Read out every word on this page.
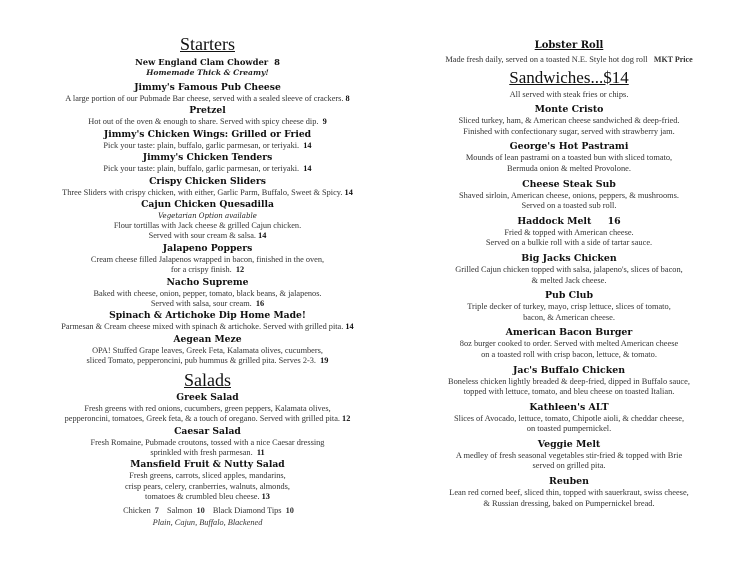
Starters
New England Clam Chowder 8
Homemade Thick & Creamy!
Jimmy's Famous Pub Cheese
A large portion of our Pubmade Bar cheese, served with a sealed sleeve of crackers. 8
Pretzel
Hot out of the oven & enough to share. Served with spicy cheese dip. 9
Jimmy's Chicken Wings: Grilled or Fried
Pick your taste: plain, buffalo, garlic parmesan, or teriyaki. 14
Jimmy's Chicken Tenders
Pick your taste: plain, buffalo, garlic parmesan, or teriyaki. 14
Crispy Chicken Sliders
Three Sliders with crispy chicken, with either, Garlic Parm, Buffalo, Sweet & Spicy. 14
Cajun Chicken Quesadilla
Vegetarian Option available
Flour tortillas with Jack cheese & grilled Cajun chicken.
Served with sour cream & salsa. 14
Jalapeno Poppers
Cream cheese filled Jalapenos wrapped in bacon, finished in the oven,
for a crispy finish. 12
Nacho Supreme
Baked with cheese, onion, pepper, tomato, black beans, & jalapenos.
Served with salsa, sour cream. 16
Spinach & Artichoke Dip Home Made!
Parmesan & Cream cheese mixed with spinach & artichoke. Served with grilled pita. 14
Aegean Meze
OPA! Stuffed Grape leaves, Greek Feta, Kalamata olives, cucumbers,
sliced Tomato, pepperoncini, pub hummus & grilled pita. Serves 2-3. 19
Salads
Greek Salad
Fresh greens with red onions, cucumbers, green peppers, Kalamata olives,
pepperoncini, tomatoes, Greek feta, & a touch of oregano. Served with grilled pita. 12
Caesar Salad
Fresh Romaine, Pubmade croutons, tossed with a nice Caesar dressing
sprinkled with fresh parmesan. 11
Mansfield Fruit & Nutty Salad
Fresh greens, carrots, sliced apples, mandarins,
crisp pears, celery, cranberries, walnuts, almonds,
tomatoes & crumbled bleu cheese. 13
Chicken 7 Salmon 10 Black Diamond Tips 10
Plain, Cajun, Buffalo, Blackened
Lobster Roll
Made fresh daily, served on a toasted N.E. Style hot dog roll MKT Price
Sandwiches...$14
All served with steak fries or chips.
Monte Cristo
Sliced turkey, ham, & American cheese sandwiched & deep-fried.
Finished with confectionary sugar, served with strawberry jam.
George's Hot Pastrami
Mounds of lean pastrami on a toasted bun with sliced tomato,
Bermuda onion & melted Provolone.
Cheese Steak Sub
Shaved sirloin, American cheese, onions, peppers, & mushrooms.
Served on a toasted sub roll.
Haddock Melt 16
Fried & topped with American cheese.
Served on a bulkie roll with a side of tartar sauce.
Big Jacks Chicken
Grilled Cajun chicken topped with salsa, jalapeno's, slices of bacon,
& melted Jack cheese.
Pub Club
Triple decker of turkey, mayo, crisp lettuce, slices of tomato,
bacon, & American cheese.
American Bacon Burger
8oz burger cooked to order. Served with melted American cheese
on a toasted roll with crisp bacon, lettuce, & tomato.
Jac's Buffalo Chicken
Boneless chicken lightly breaded & deep-fried, dipped in Buffalo sauce,
topped with lettuce, tomato, and bleu cheese on toasted Italian.
Kathleen's ALT
Slices of Avocado, lettuce, tomato, Chipotle aioli, & cheddar cheese,
on toasted pumpernickel.
Veggie Melt
A medley of fresh seasonal vegetables stir-fried & topped with Brie
served on grilled pita.
Reuben
Lean red corned beef, sliced thin, topped with sauerkraut, swiss cheese,
& Russian dressing, baked on Pumpernickel bread.
